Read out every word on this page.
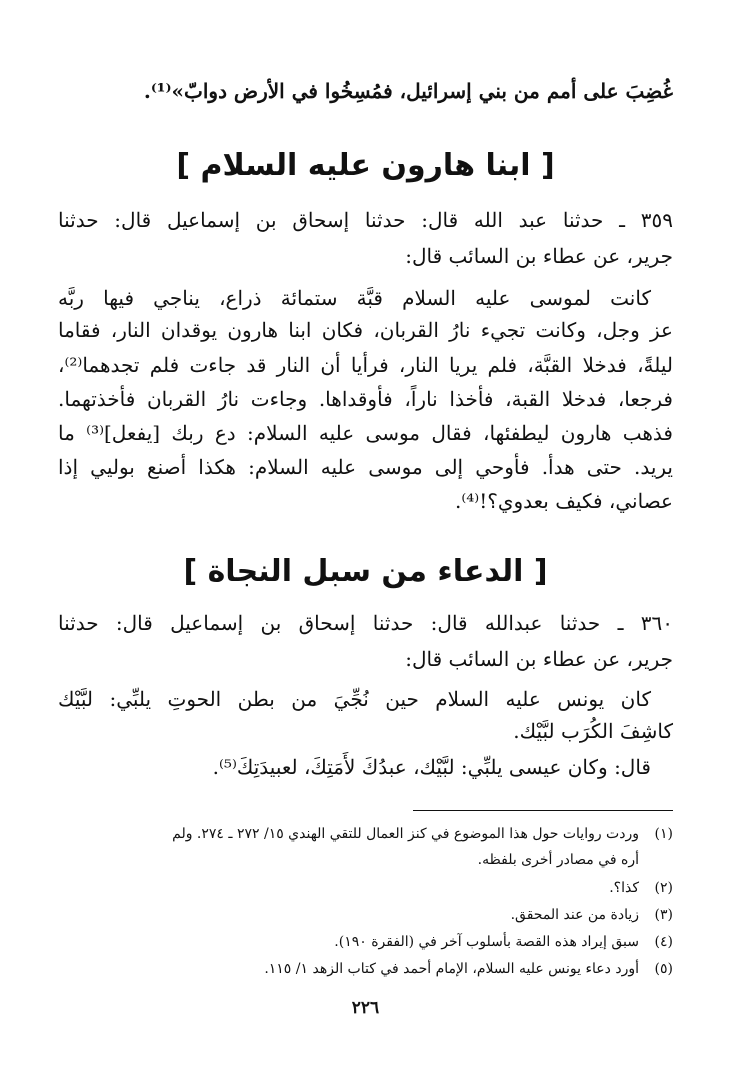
غُضِبَ على أمم من بني إسرائيل، فمُسِخُوا في الأرض دوابّ»⁽¹⁾.
[ ابنا هارون عليه السلام ]
٣٥٩ ـ حدثنا عبد الله قال: حدثنا إسحاق بن إسماعيل قال: حدثنا
جرير، عن عطاء بن السائب قال:
كانت لموسى عليه السلام قبَّة ستمائة ذراع، يناجي فيها ربَّه
عز وجل، وكانت تجيء نارُ القربان، فكان ابنا هارون يوقدان النار، فقاما
ليلةً، فدخلا القبَّة، فلم يريا النار، فرأيا أن النار قد جاءت فلم تجدهما⁽²⁾،
فرجعا، فدخلا القبة، فأخذا ناراً، فأوقداها. وجاءت نارُ القربان فأخذتهما.
فذهب هارون ليطفئها، فقال موسى عليه السلام: دع ربك [يفعل]⁽³⁾ ما
يريد. حتى هدأ. فأوحي إلى موسى عليه السلام: هكذا أصنع بوليي إذا
عصاني، فكيف بعدوي؟!⁽⁴⁾.
[ الدعاء من سبل النجاة ]
٣٦٠ ـ حدثنا عبدالله قال: حدثنا إسحاق بن إسماعيل قال: حدثنا
جرير، عن عطاء بن السائب قال:
كان يونس عليه السلام حين نُجِّيَ من بطن الحوتِ يلبِّي: لبَّيْك
كاشِفَ الكُرَب لبَّيْك.
قال: وكان عيسى يلبِّي: لبَّيْك، عبدُكَ لأَمَتِكَ، لعبيدَتِكَ⁽⁵⁾.
(١)وردت روايات حول هذا الموضوع في كنز العمال للتقي الهندي ١٥/ ٢٧٢ ـ ٢٧٤. ولم
أره في مصادر أخرى بلفظه.
(٢)كذا؟.
(٣)زيادة من عند المحقق.
(٤)سبق إيراد هذه القصة بأسلوب آخر في (الفقرة ١٩٠).
(٥)أورد دعاء يونس عليه السلام، الإمام أحمد في كتاب الزهد ١/ ١١٥.
٢٢٦
